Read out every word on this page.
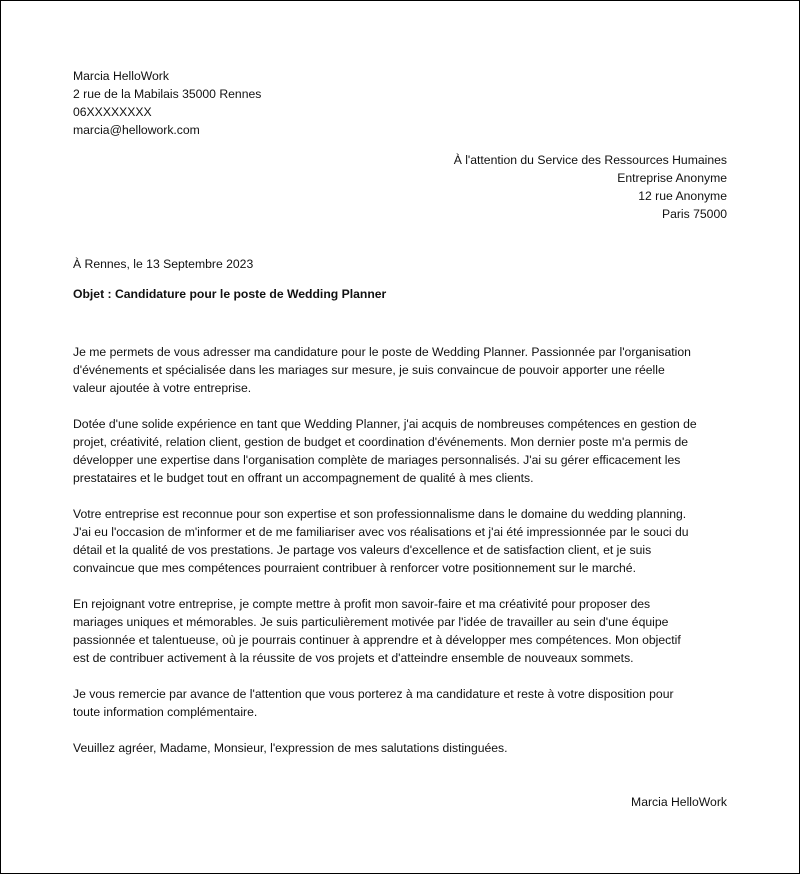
Marcia HelloWork
2 rue de la Mabilais 35000 Rennes
06XXXXXXXX
marcia@hellowork.com
À l'attention du Service des Ressources Humaines
Entreprise Anonyme
12 rue Anonyme
Paris 75000
À Rennes, le 13 Septembre 2023
Objet : Candidature pour le poste de Wedding Planner

Je me permets de vous adresser ma candidature pour le poste de Wedding Planner. Passionnée par l'organisation
d'événements et spécialisée dans les mariages sur mesure, je suis convaincue de pouvoir apporter une réelle
valeur ajoutée à votre entreprise.

Dotée d'une solide expérience en tant que Wedding Planner, j'ai acquis de nombreuses compétences en gestion de
projet, créativité, relation client, gestion de budget et coordination d'événements. Mon dernier poste m'a permis de
développer une expertise dans l'organisation complète de mariages personnalisés. J'ai su gérer efficacement les
prestataires et le budget tout en offrant un accompagnement de qualité à mes clients.

Votre entreprise est reconnue pour son expertise et son professionnalisme dans le domaine du wedding planning.
J'ai eu l'occasion de m'informer et de me familiariser avec vos réalisations et j'ai été impressionnée par le souci du
détail et la qualité de vos prestations. Je partage vos valeurs d'excellence et de satisfaction client, et je suis
convaincue que mes compétences pourraient contribuer à renforcer votre positionnement sur le marché.

En rejoignant votre entreprise, je compte mettre à profit mon savoir-faire et ma créativité pour proposer des
mariages uniques et mémorables. Je suis particulièrement motivée par l'idée de travailler au sein d'une équipe
passionnée et talentueuse, où je pourrais continuer à apprendre et à développer mes compétences. Mon objectif
est de contribuer activement à la réussite de vos projets et d'atteindre ensemble de nouveaux sommets.

Je vous remercie par avance de l'attention que vous porterez à ma candidature et reste à votre disposition pour
toute information complémentaire.

Veuillez agréer, Madame, Monsieur, l'expression de mes salutations distinguées.

Marcia HelloWork
